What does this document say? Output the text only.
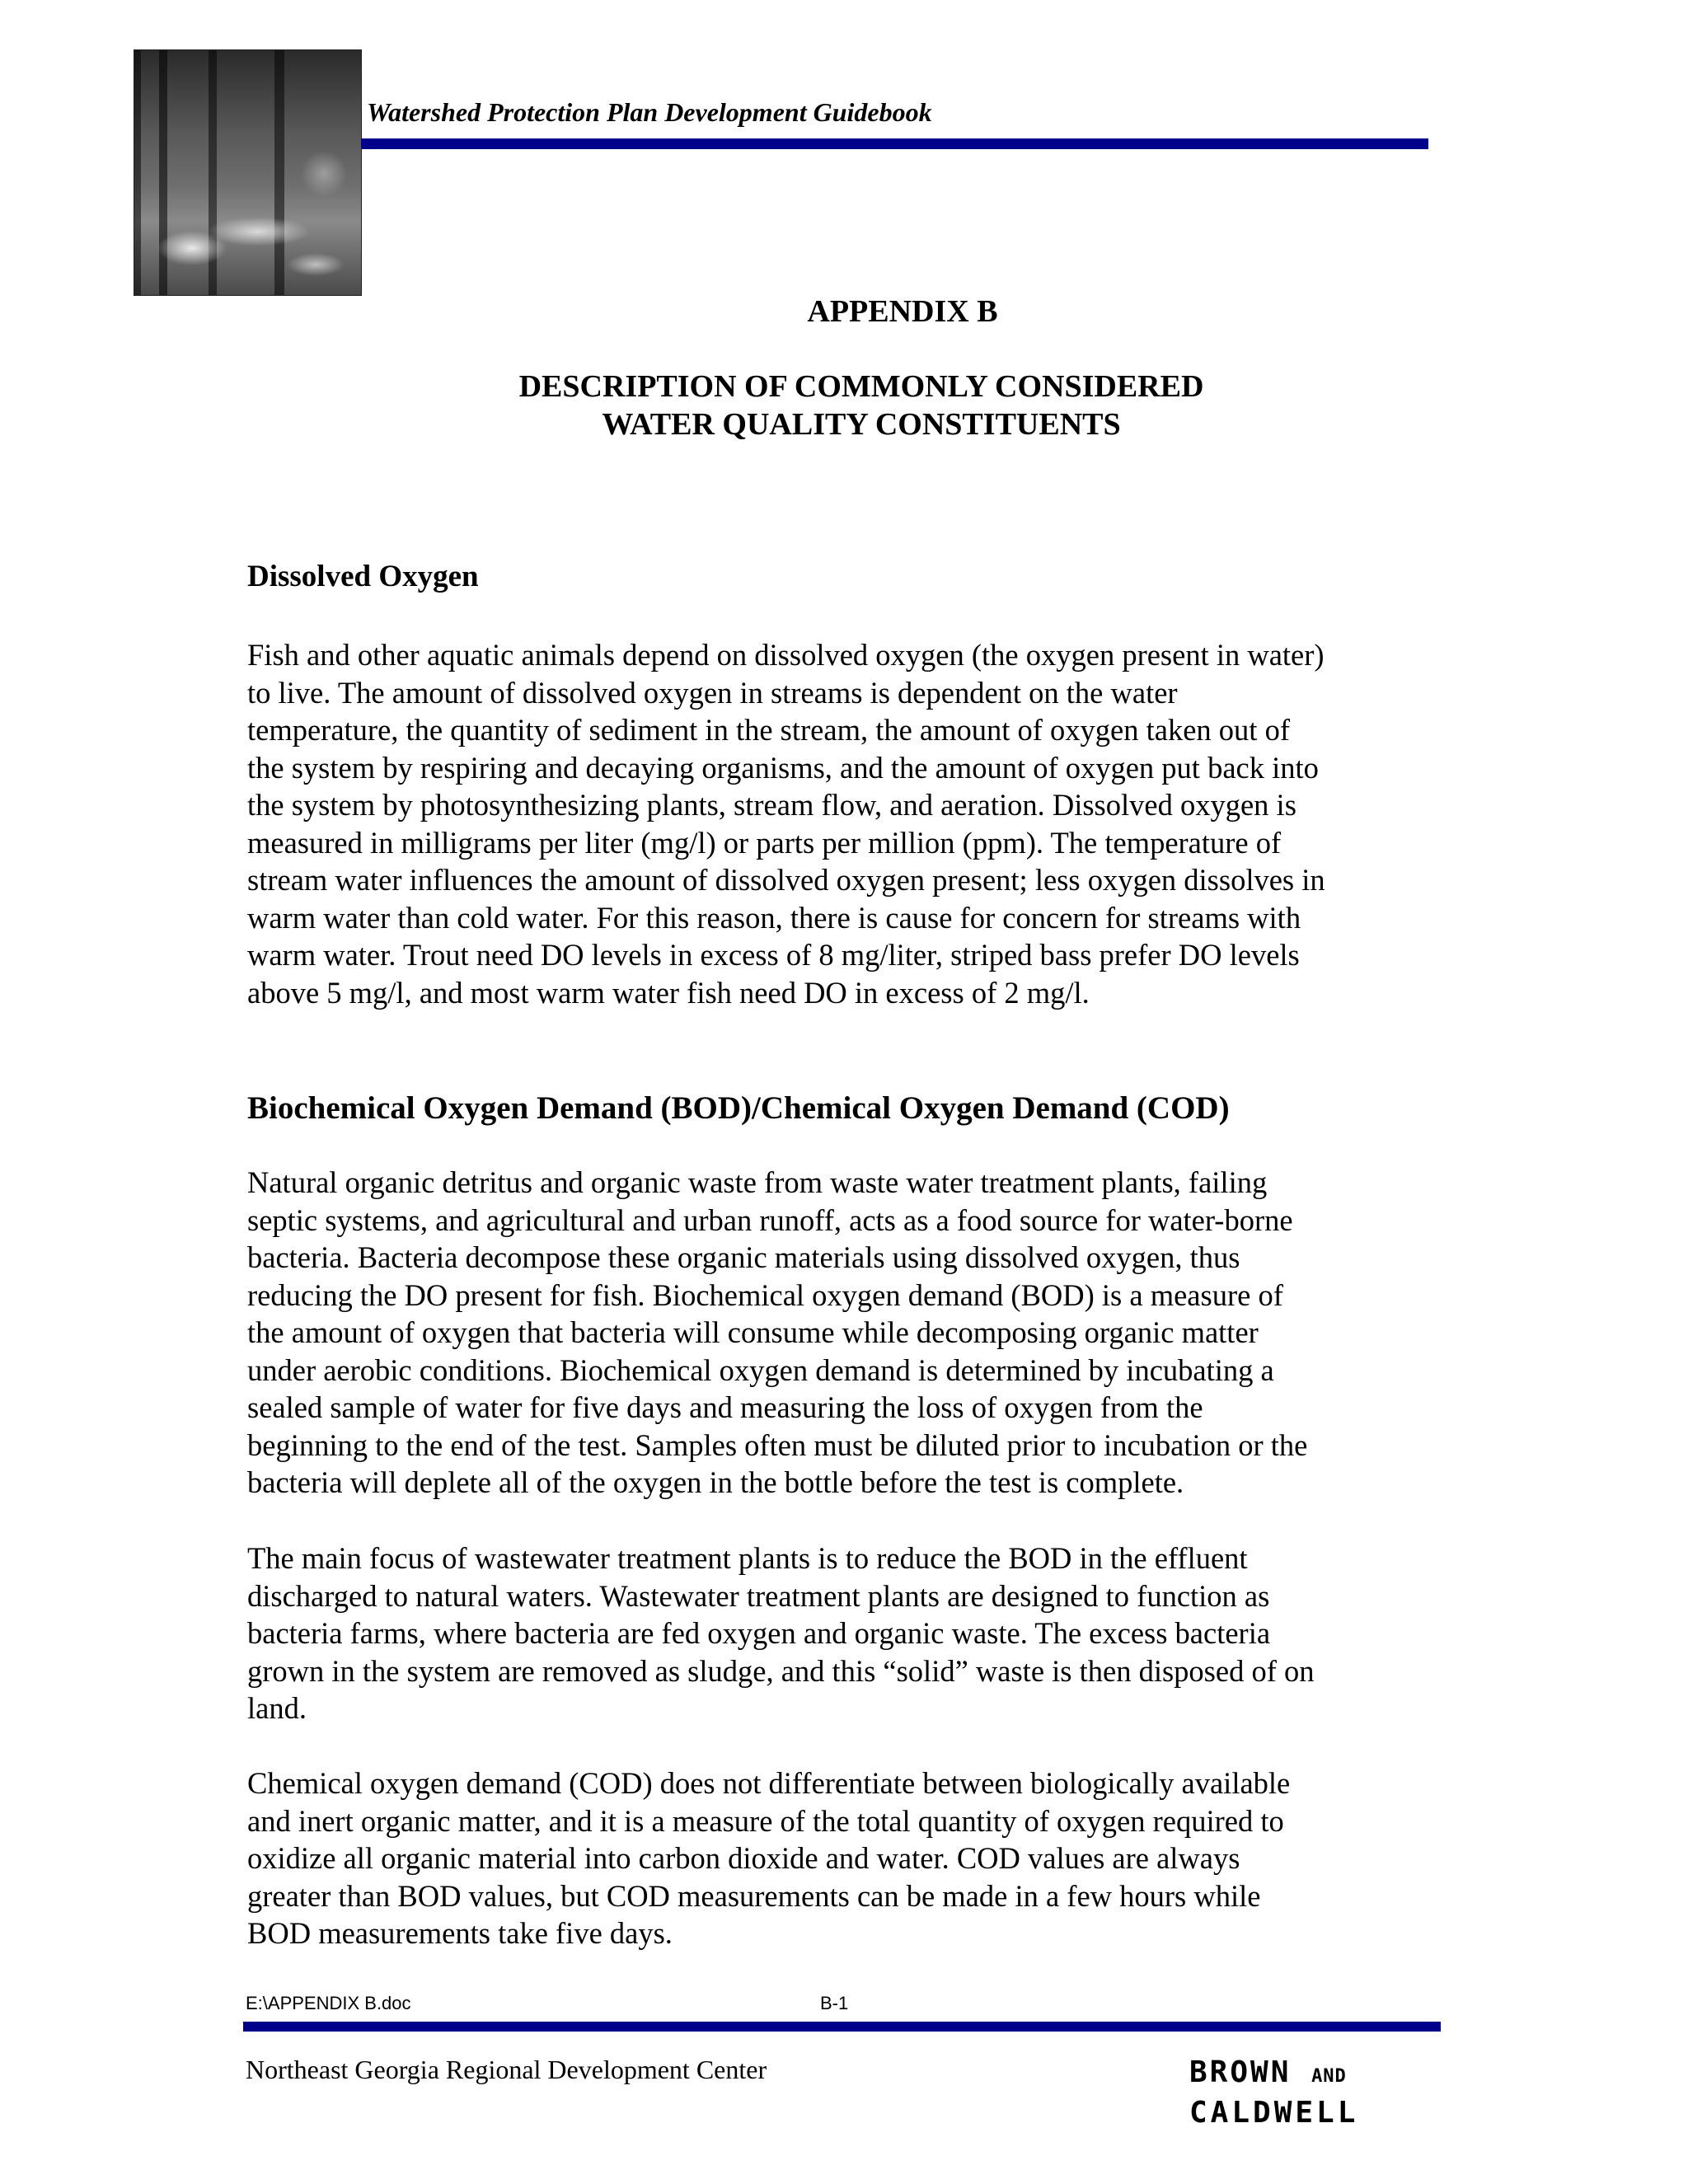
Watershed Protection Plan Development Guidebook

APPENDIX B
DESCRIPTION OF COMMONLY CONSIDERED
WATER QUALITY CONSTITUENTS
Dissolved Oxygen

Fish and other aquatic animals depend on dissolved oxygen (the oxygen present in water)
to live. The amount of dissolved oxygen in streams is dependent on the water
temperature, the quantity of sediment in the stream, the amount of oxygen taken out of
the system by respiring and decaying organisms, and the amount of oxygen put back into
the system by photosynthesizing plants, stream flow, and aeration. Dissolved oxygen is
measured in milligrams per liter (mg/l) or parts per million (ppm). The temperature of
stream water influences the amount of dissolved oxygen present; less oxygen dissolves in
warm water than cold water. For this reason, there is cause for concern for streams with
warm water. Trout need DO levels in excess of 8 mg/liter, striped bass prefer DO levels
above 5 mg/l, and most warm water fish need DO in excess of 2 mg/l.

Biochemical Oxygen Demand (BOD)/Chemical Oxygen Demand (COD)

Natural organic detritus and organic waste from waste water treatment plants, failing
septic systems, and agricultural and urban runoff, acts as a food source for water-borne
bacteria. Bacteria decompose these organic materials using dissolved oxygen, thus
reducing the DO present for fish. Biochemical oxygen demand (BOD) is a measure of
the amount of oxygen that bacteria will consume while decomposing organic matter
under aerobic conditions. Biochemical oxygen demand is determined by incubating a
sealed sample of water for five days and measuring the loss of oxygen from the
beginning to the end of the test. Samples often must be diluted prior to incubation or the
bacteria will deplete all of the oxygen in the bottle before the test is complete.

The main focus of wastewater treatment plants is to reduce the BOD in the effluent
discharged to natural waters. Wastewater treatment plants are designed to function as
bacteria farms, where bacteria are fed oxygen and organic waste. The excess bacteria
grown in the system are removed as sludge, and this “solid” waste is then disposed of on
land.

Chemical oxygen demand (COD) does not differentiate between biologically available
and inert organic matter, and it is a measure of the total quantity of oxygen required to
oxidize all organic material into carbon dioxide and water. COD values are always
greater than BOD values, but COD measurements can be made in a few hours while
BOD measurements take five days.

E:\APPENDIX B.doc	B-1

Northeast Georgia Regional Development Center	BROWN AND
CALDWELL
